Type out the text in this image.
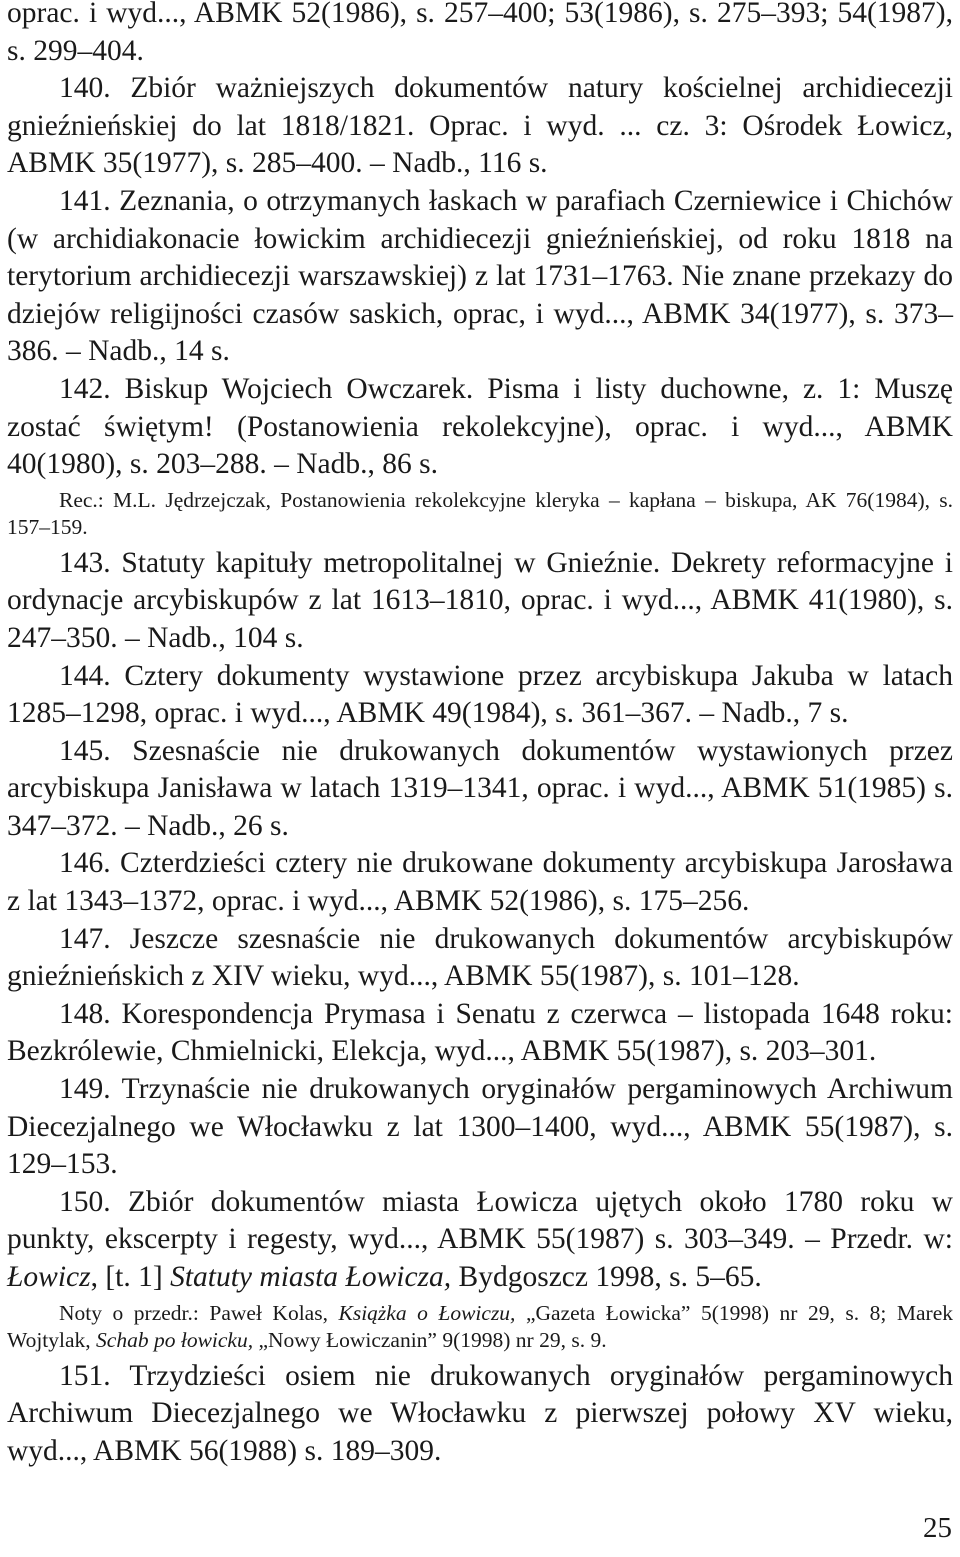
oprac. i wyd..., ABMK 52(1986), s. 257–400; 53(1986), s. 275–393; 54(1987), s. 299–404.

140. Zbiór ważniejszych dokumentów natury kościelnej archidiecezji gnieźnieńskiej do lat 1818/1821. Oprac. i wyd. ... cz. 3: Ośrodek Łowicz, ABMK 35(1977), s. 285–400. – Nadb., 116 s.

141. Zeznania, o otrzymanych łaskach w parafiach Czerniewice i Chichów (w archidiakonacie łowickim archidiecezji gnieźnieńskiej, od roku 1818 na terytorium archidiecezji warszawskiej) z lat 1731–1763. Nie znane przekazy do dziejów religijności czasów saskich, oprac, i wyd..., ABMK 34(1977), s. 373–386. – Nadb., 14 s.

142. Biskup Wojciech Owczarek. Pisma i listy duchowne, z. 1: Muszę zostać świętym! (Postanowienia rekolekcyjne), oprac. i wyd..., ABMK 40(1980), s. 203–288. – Nadb., 86 s.

Rec.: M.L. Jędrzejczak, Postanowienia rekolekcyjne kleryka – kapłana – biskupa, AK 76(1984), s. 157–159.

143. Statuty kapituły metropolitalnej w Gnieźnie. Dekrety reformacyjne i ordynacje arcybiskupów z lat 1613–1810, oprac. i wyd..., ABMK 41(1980), s. 247–350. – Nadb., 104 s.

144. Cztery dokumenty wystawione przez arcybiskupa Jakuba w latach 1285–1298, oprac. i wyd..., ABMK 49(1984), s. 361–367. – Nadb., 7 s.

145. Szesnaście nie drukowanych dokumentów wystawionych przez arcybiskupa Janisława w latach 1319–1341, oprac. i wyd..., ABMK 51(1985) s. 347–372. – Nadb., 26 s.

146. Czterdzieści cztery nie drukowane dokumenty arcybiskupa Jarosława z lat 1343–1372, oprac. i wyd..., ABMK 52(1986), s. 175–256.

147. Jeszcze szesnaście nie drukowanych dokumentów arcybiskupów gnieźnieńskich z XIV wieku, wyd..., ABMK 55(1987), s. 101–128.

148. Korespondencja Prymasa i Senatu z czerwca – listopada 1648 roku: Bezkrólewie, Chmielnicki, Elekcja, wyd..., ABMK 55(1987), s. 203–301.

149. Trzynaście nie drukowanych oryginałów pergaminowych Archiwum Diecezjalnego we Włocławku z lat 1300–1400, wyd..., ABMK 55(1987), s. 129–153.

150. Zbiór dokumentów miasta Łowicza ujętych około 1780 roku w punkty, ekscerpty i regesty, wyd..., ABMK 55(1987) s. 303–349. – Przedr. w: Łowicz, [t. 1] Statuty miasta Łowicza, Bydgoszcz 1998, s. 5–65.

Noty o przedr.: Paweł Kolas, Książka o Łowiczu, „Gazeta Łowicka” 5(1998) nr 29, s. 8; Marek Wojtylak, Schab po łowicku, „Nowy Łowiczanin” 9(1998) nr 29, s. 9.

151. Trzydzieści osiem nie drukowanych oryginałów pergaminowych Archiwum Diecezjalnego we Włocławku z pierwszej połowy XV wieku, wyd..., ABMK 56(1988) s. 189–309.

25
